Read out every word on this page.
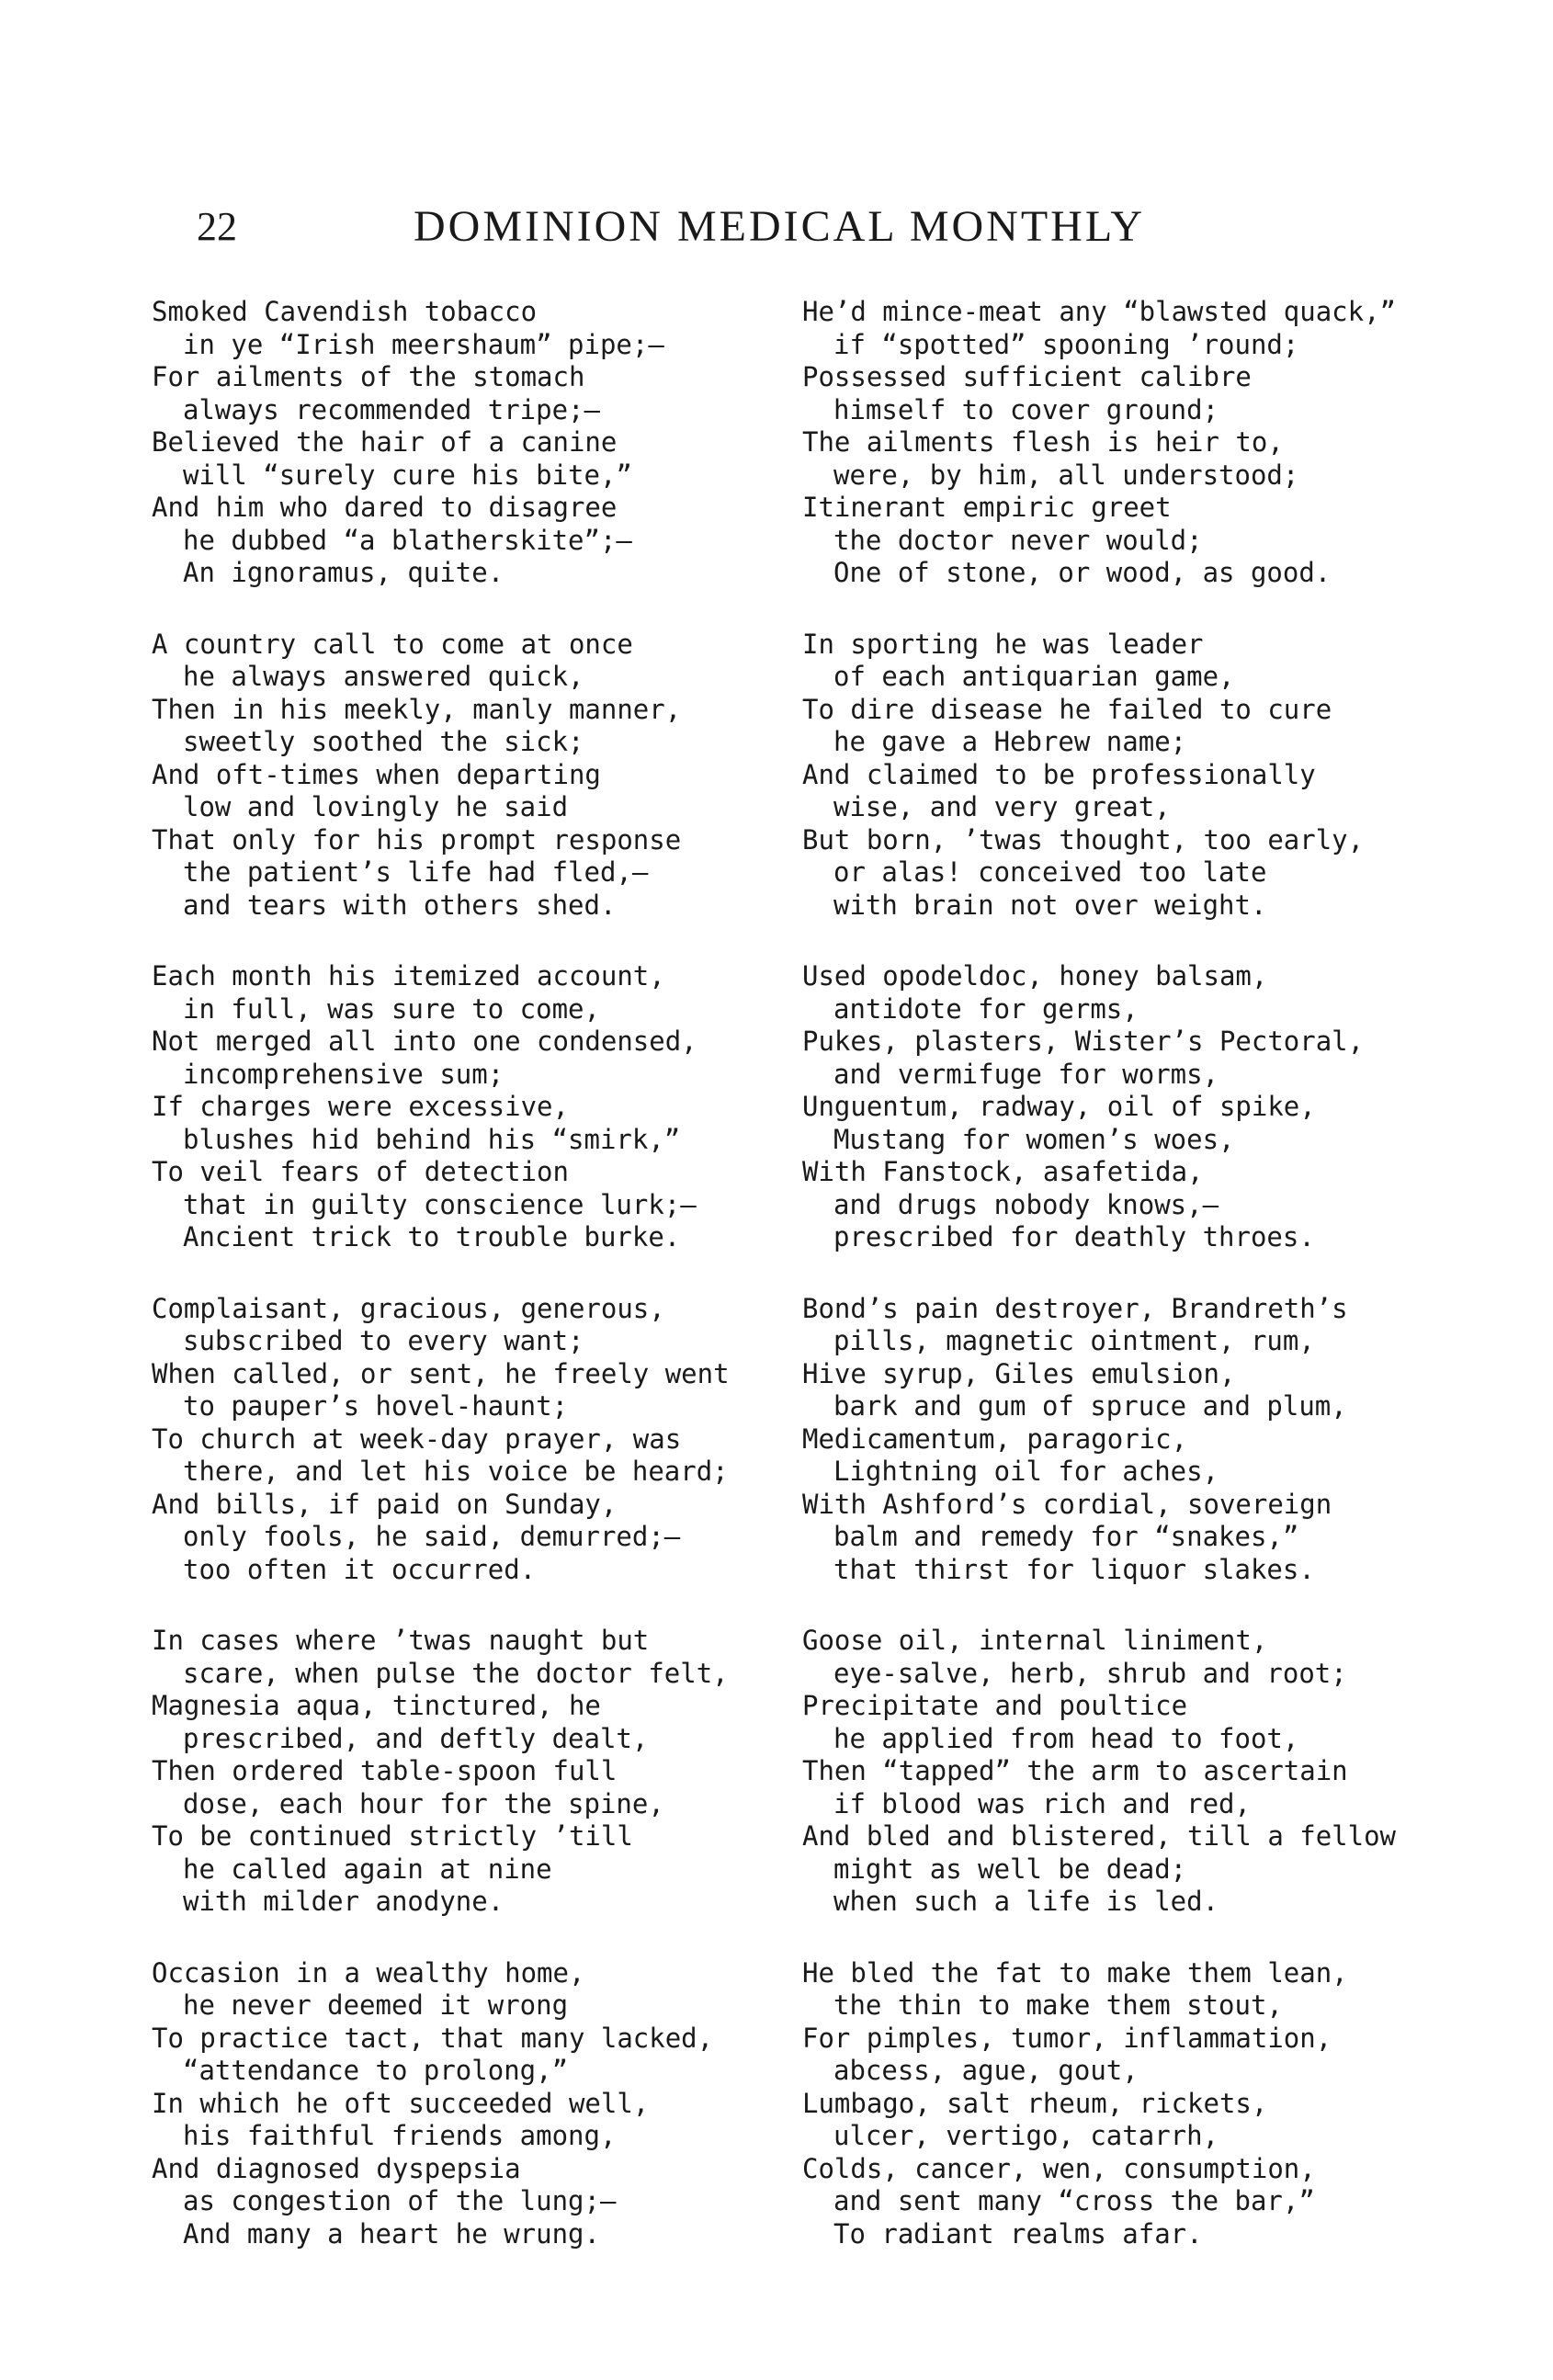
22	DOMINION MEDICAL MONTHLY
Smoked Cavendish tobacco
in ye “Irish meershaum” pipe;—
For ailments of the stomach
always recommended tripe;—
Believed the hair of a canine
will “surely cure his bite,”
And him who dared to disagree
he dubbed “a blatherskite”;—
An ignoramus, quite.
A country call to come at once
he always answered quick,
Then in his meekly, manly manner,
sweetly soothed the sick;
And oft-times when departing
low and lovingly he said
That only for his prompt response
the patient’s life had fled,—
and tears with others shed.
Each month his itemized account,
in full, was sure to come,
Not merged all into one condensed,
incomprehensive sum;
If charges were excessive,
blushes hid behind his “smirk,”
To veil fears of detection
that in guilty conscience lurk;—
Ancient trick to trouble burke.
Complaisant, gracious, generous,
subscribed to every want;
When called, or sent, he freely went
to pauper’s hovel-haunt;
To church at week-day prayer, was
there, and let his voice be heard;
And bills, if paid on Sunday,
only fools, he said, demurred;—
too often it occurred.
In cases where ’twas naught but
scare, when pulse the doctor felt,
Magnesia aqua, tinctured, he
prescribed, and deftly dealt,
Then ordered table-spoon full
dose, each hour for the spine,
To be continued strictly ’till
he called again at nine
with milder anodyne.
Occasion in a wealthy home,
he never deemed it wrong
To practice tact, that many lacked,
“attendance to prolong,”
In which he oft succeeded well,
his faithful friends among,
And diagnosed dyspepsia
as congestion of the lung;—
And many a heart he wrung.
He’d mince-meat any “blawsted quack,”
if “spotted” spooning ’round;
Possessed sufficient calibre
himself to cover ground;
The ailments flesh is heir to,
were, by him, all understood;
Itinerant empiric greet
the doctor never would;
One of stone, or wood, as good.
In sporting he was leader
of each antiquarian game,
To dire disease he failed to cure
he gave a Hebrew name;
And claimed to be professionally
wise, and very great,
But born, ’twas thought, too early,
or alas! conceived too late
with brain not over weight.
Used opodeldoc, honey balsam,
antidote for germs,
Pukes, plasters, Wister’s Pectoral,
and vermifuge for worms,
Unguentum, radway, oil of spike,
Mustang for women’s woes,
With Fanstock, asafetida,
and drugs nobody knows,—
prescribed for deathly throes.
Bond’s pain destroyer, Brandreth’s
pills, magnetic ointment, rum,
Hive syrup, Giles emulsion,
bark and gum of spruce and plum,
Medicamentum, paragoric,
Lightning oil for aches,
With Ashford’s cordial, sovereign
balm and remedy for “snakes,”
that thirst for liquor slakes.
Goose oil, internal liniment,
eye-salve, herb, shrub and root;
Precipitate and poultice
he applied from head to foot,
Then “tapped” the arm to ascertain
if blood was rich and red,
And bled and blistered, till a fellow
might as well be dead;
when such a life is led.
He bled the fat to make them lean,
the thin to make them stout,
For pimples, tumor, inflammation,
abcess, ague, gout,
Lumbago, salt rheum, rickets,
ulcer, vertigo, catarrh,
Colds, cancer, wen, consumption,
and sent many “cross the bar,”
To radiant realms afar.
